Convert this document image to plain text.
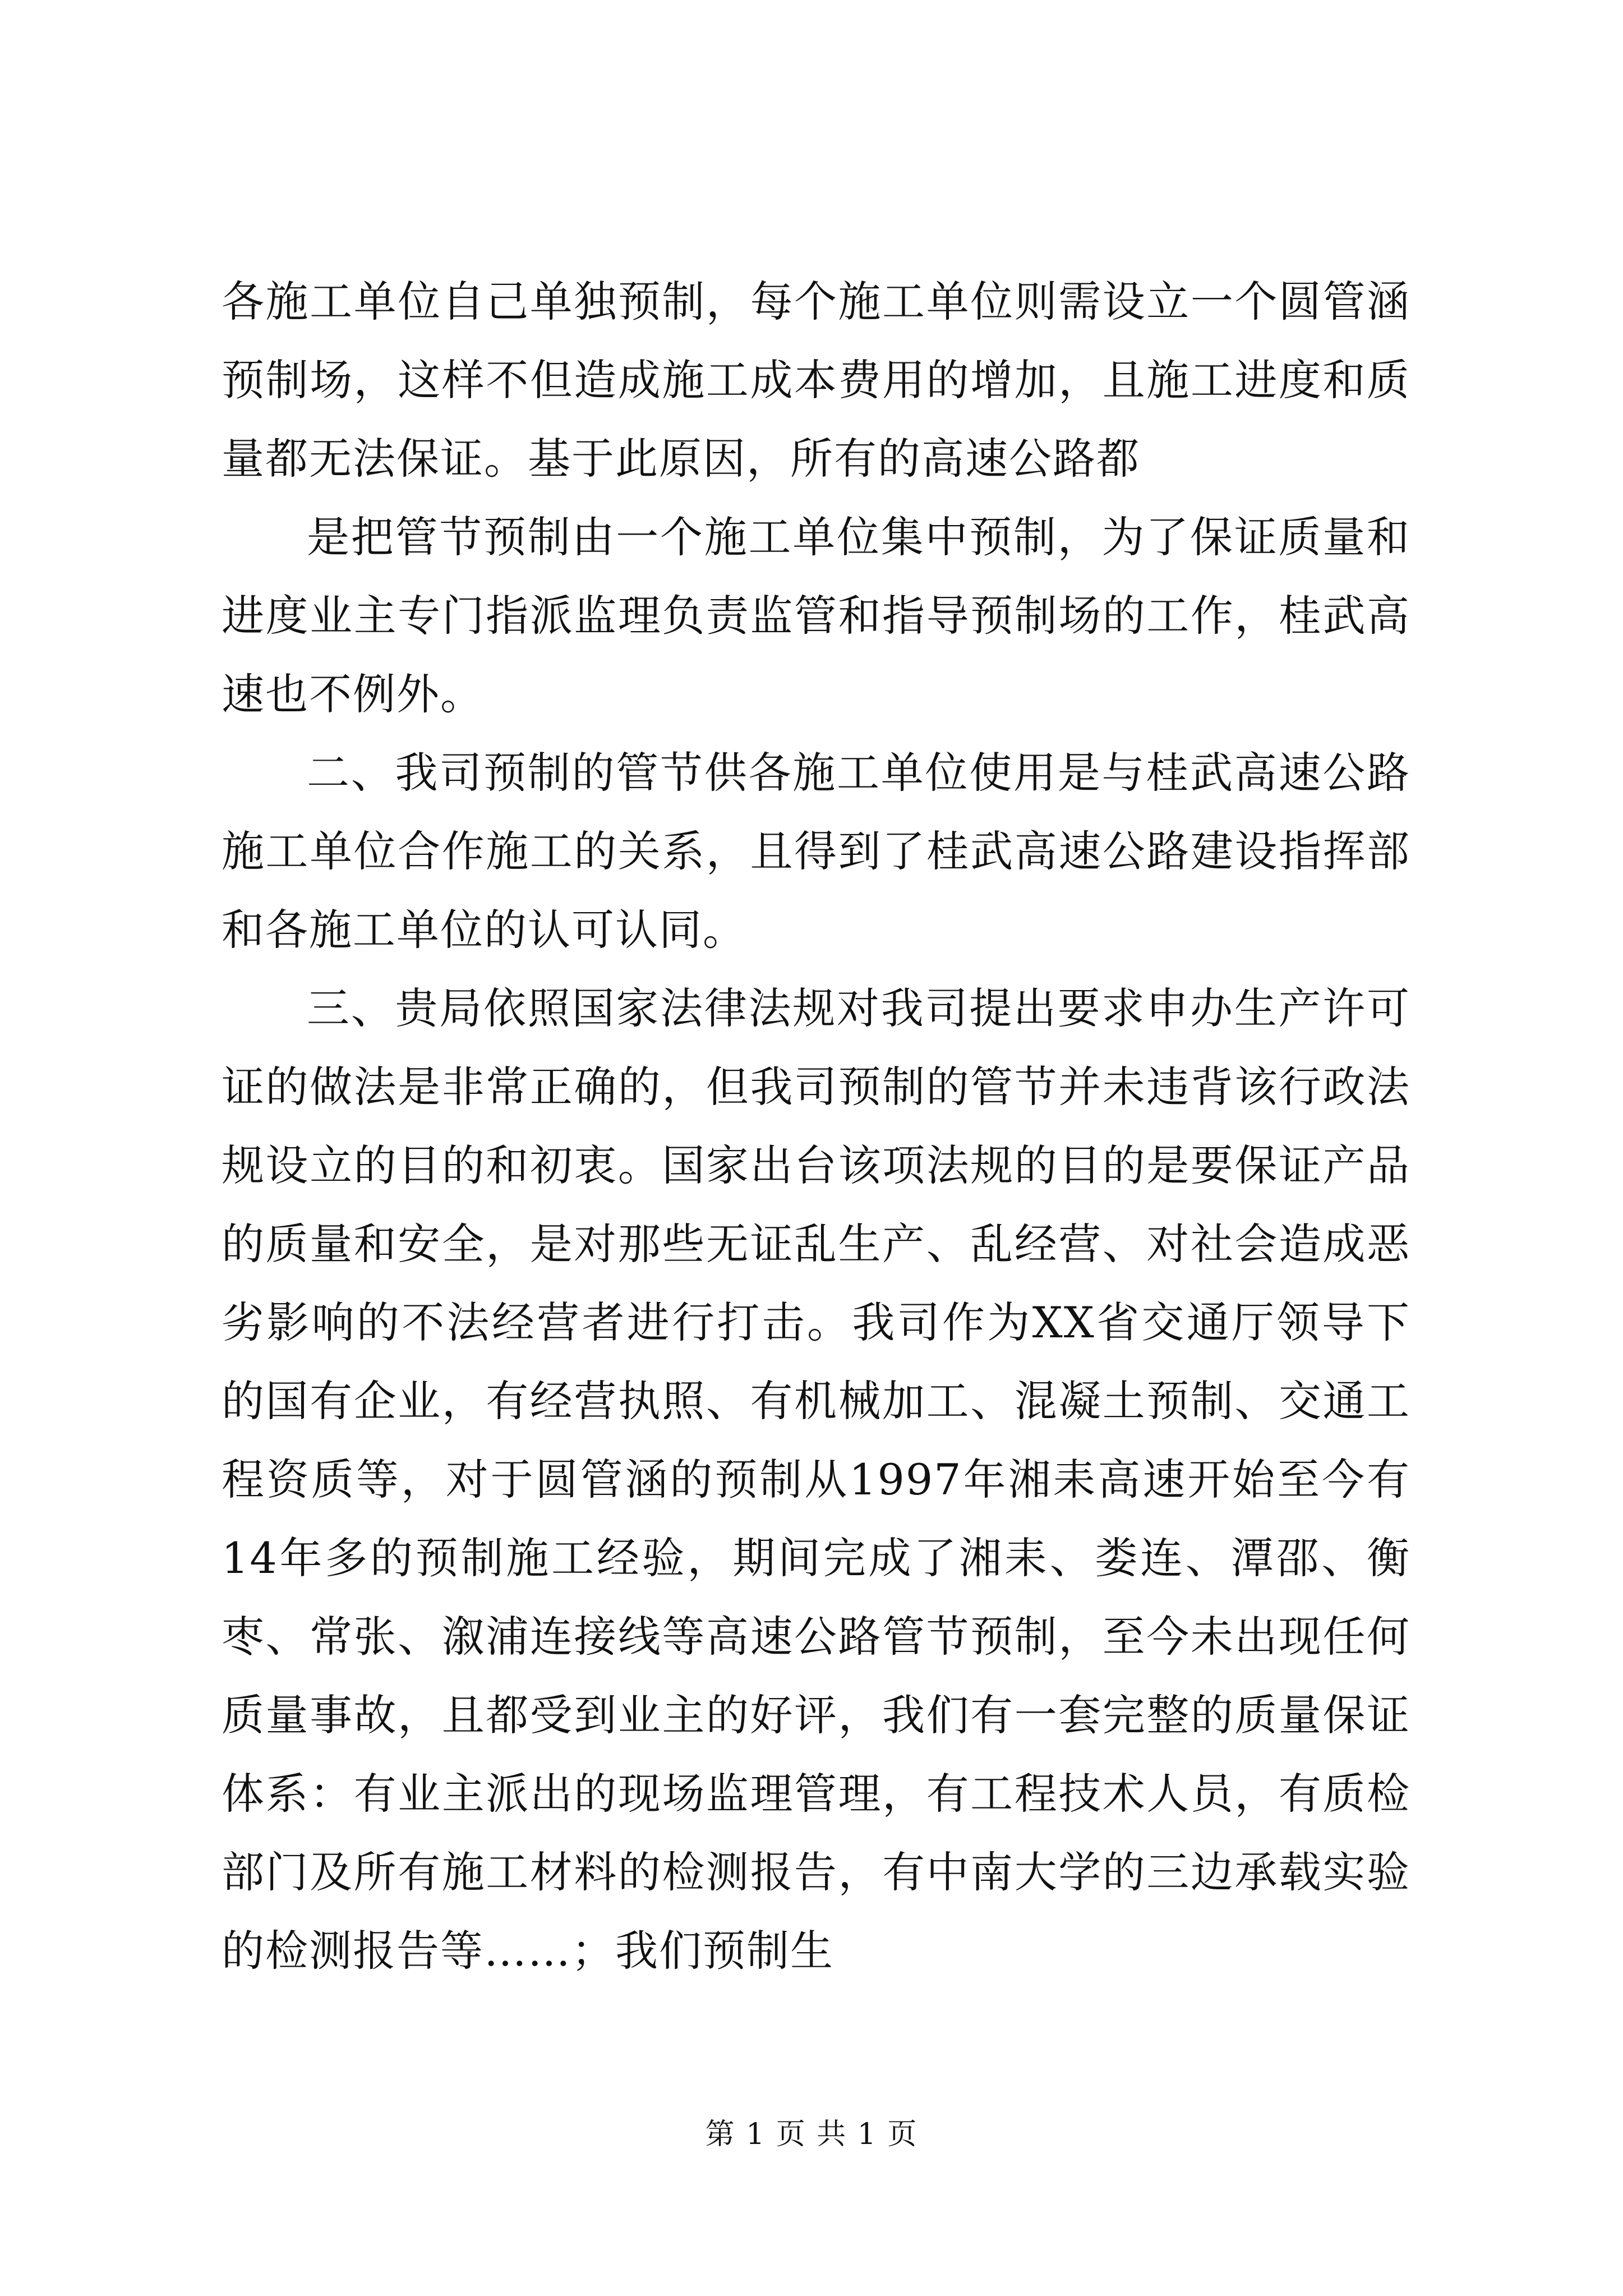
各施工单位自己单独预制，每个施工单位则需设立一个圆管涵预制场，这样不但造成施工成本费用的增加，且施工进度和质量都无法保证。基于此原因，所有的高速公路都

是把管节预制由一个施工单位集中预制，为了保证质量和进度业主专门指派监理负责监管和指导预制场的工作，桂武高速也不例外。

二、我司预制的管节供各施工单位使用是与桂武高速公路施工单位合作施工的关系，且得到了桂武高速公路建设指挥部和各施工单位的认可认同。

三、贵局依照国家法律法规对我司提出要求申办生产许可证的做法是非常正确的，但我司预制的管节并未违背该行政法规设立的目的和初衷。国家出台该项法规的目的是要保证产品的质量和安全，是对那些无证乱生产、乱经营、对社会造成恶劣影响的不法经营者进行打击。我司作为XX省交通厅领导下的国有企业，有经营执照、有机械加工、混凝土预制、交通工程资质等，对于圆管涵的预制从1997年湘耒高速开始至今有14年多的预制施工经验，期间完成了湘耒、娄连、潭邵、衡枣、常张、溆浦连接线等高速公路管节预制，至今未出现任何质量事故，且都受到业主的好评，我们有一套完整的质量保证体系：有业主派出的现场监理管理，有工程技术人员，有质检部门及所有施工材料的检测报告，有中南大学的三边承载实验的检测报告等……；我们预制生

第 1 页 共 1 页
